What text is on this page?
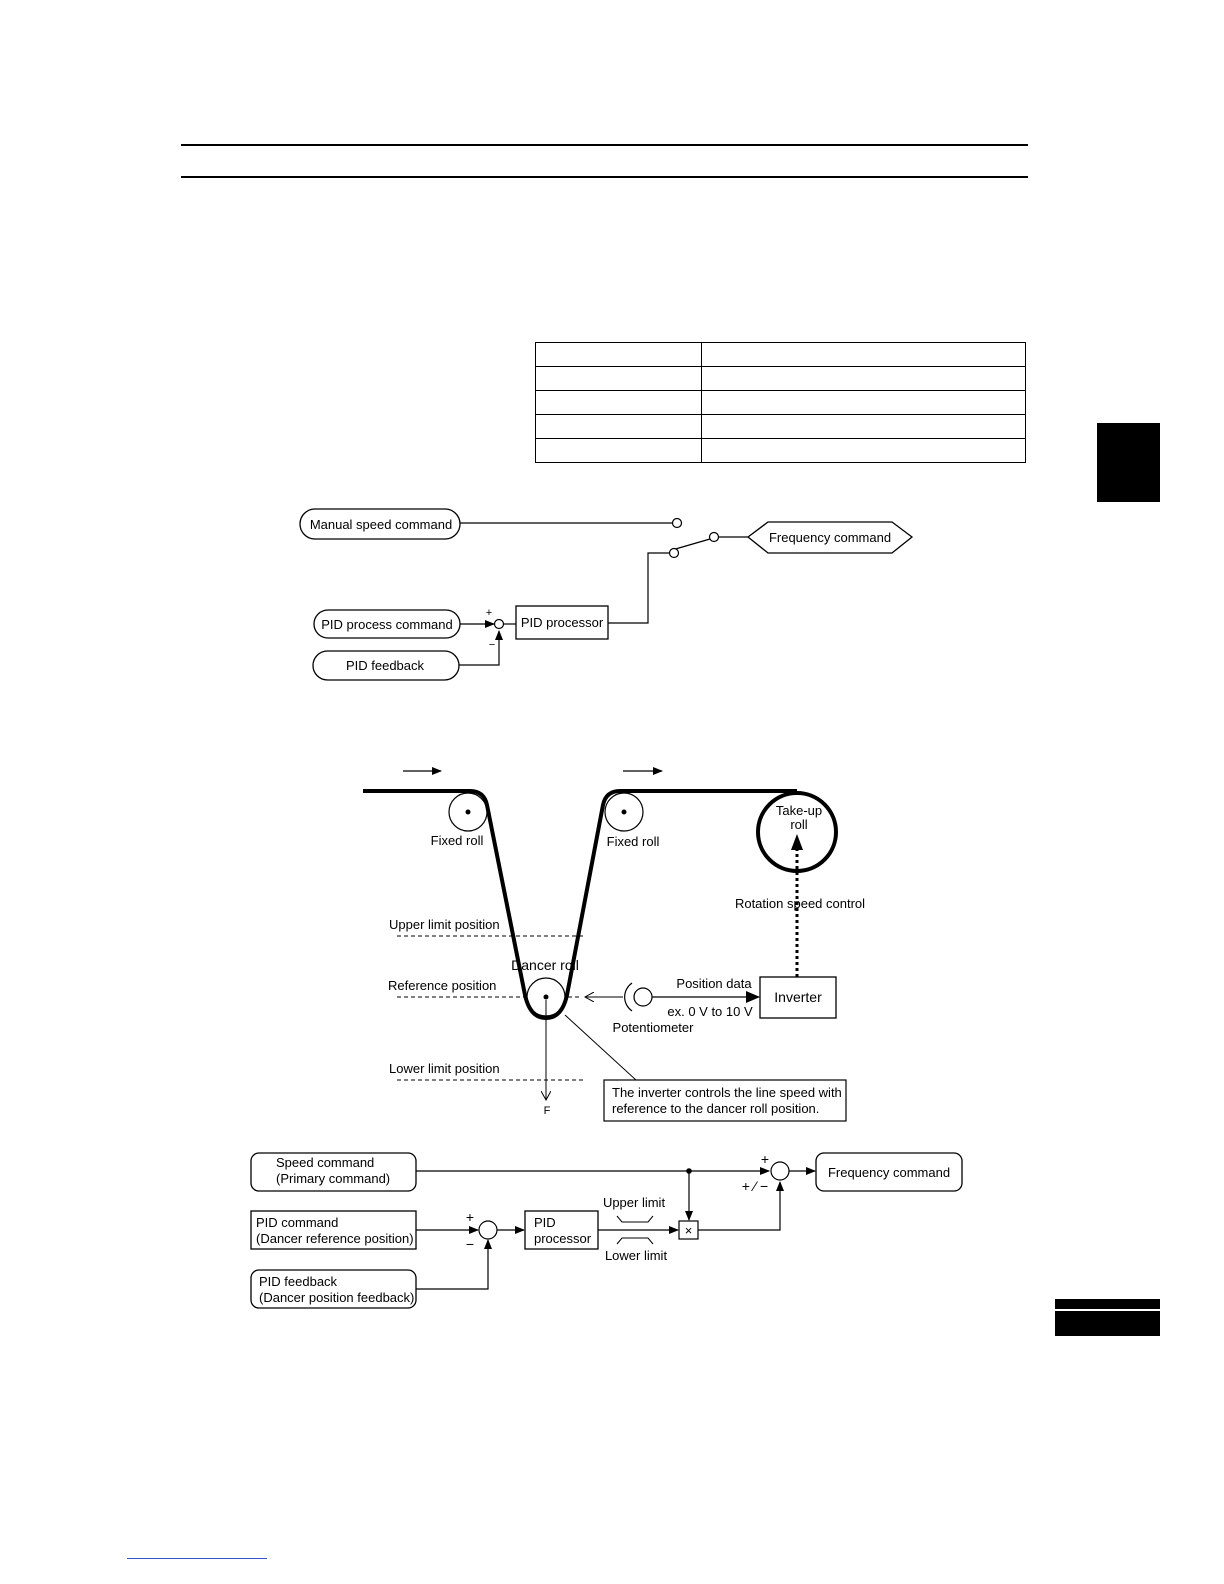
Manual speed command
Frequency command
PID process command
+
−
PID processor
PID feedback
Fixed roll	Fixed roll
Take-up
roll
Rotation speed control
Upper limit position
Dancer roll
Reference position
Lower limit position
F
Potentiometer
Position data
ex. 0 V to 10 V
Inverter
The inverter controls the line speed with
reference to the dancer roll position.
Speed command
(Primary command)
+
+ ⁄ −
Frequency command
PID command
(Dancer reference position)
+
−
PID
processor
Upper limit
Lower limit
×
PID feedback
(Dancer position feedback)
